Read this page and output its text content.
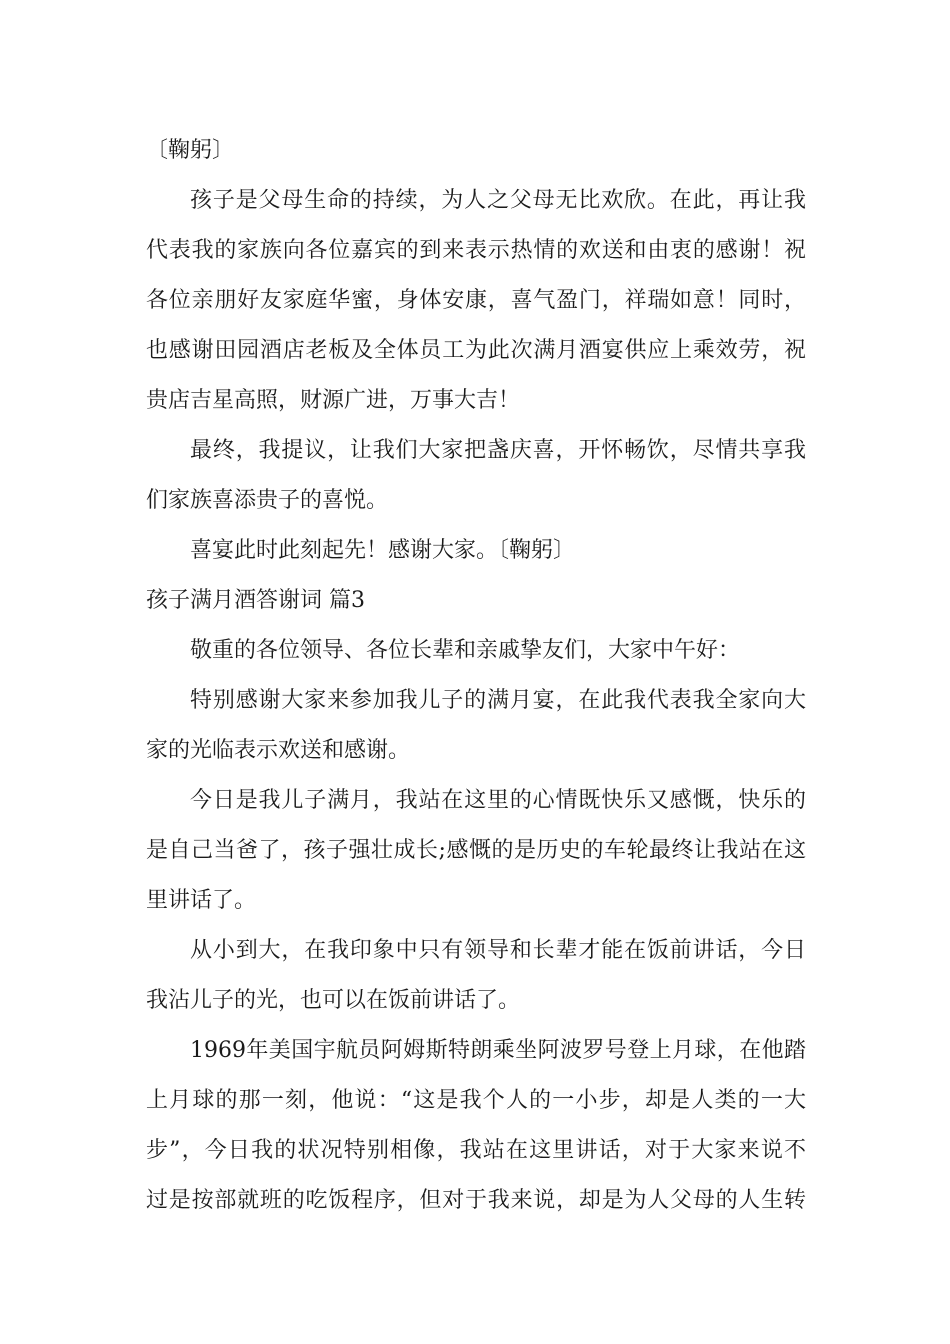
〔鞠躬〕
孩子是父母生命的持续，为人之父母无比欢欣。在此，再让我
代表我的家族向各位嘉宾的到来表示热情的欢送和由衷的感谢！祝
各位亲朋好友家庭华蜜，身体安康，喜气盈门，祥瑞如意！同时，
也感谢田园酒店老板及全体员工为此次满月酒宴供应上乘效劳，祝
贵店吉星高照，财源广进，万事大吉！
最终，我提议，让我们大家把盏庆喜，开怀畅饮，尽情共享我
们家族喜添贵子的喜悦。
喜宴此时此刻起先！感谢大家。〔鞠躬〕
孩子满月酒答谢词 篇3
敬重的各位领导、各位长辈和亲戚挚友们，大家中午好：
特别感谢大家来参加我儿子的满月宴，在此我代表我全家向大
家的光临表示欢送和感谢。
今日是我儿子满月，我站在这里的心情既快乐又感慨，快乐的
是自己当爸了，孩子强壮成长;感慨的是历史的车轮最终让我站在这
里讲话了。
从小到大，在我印象中只有领导和长辈才能在饭前讲话，今日
我沾儿子的光，也可以在饭前讲话了。
1969年美国宇航员阿姆斯特朗乘坐阿波罗号登上月球，在他踏
上月球的那一刻，他说：“这是我个人的一小步，却是人类的一大
步”，今日我的状况特别相像，我站在这里讲话，对于大家来说不
过是按部就班的吃饭程序，但对于我来说，却是为人父母的人生转
